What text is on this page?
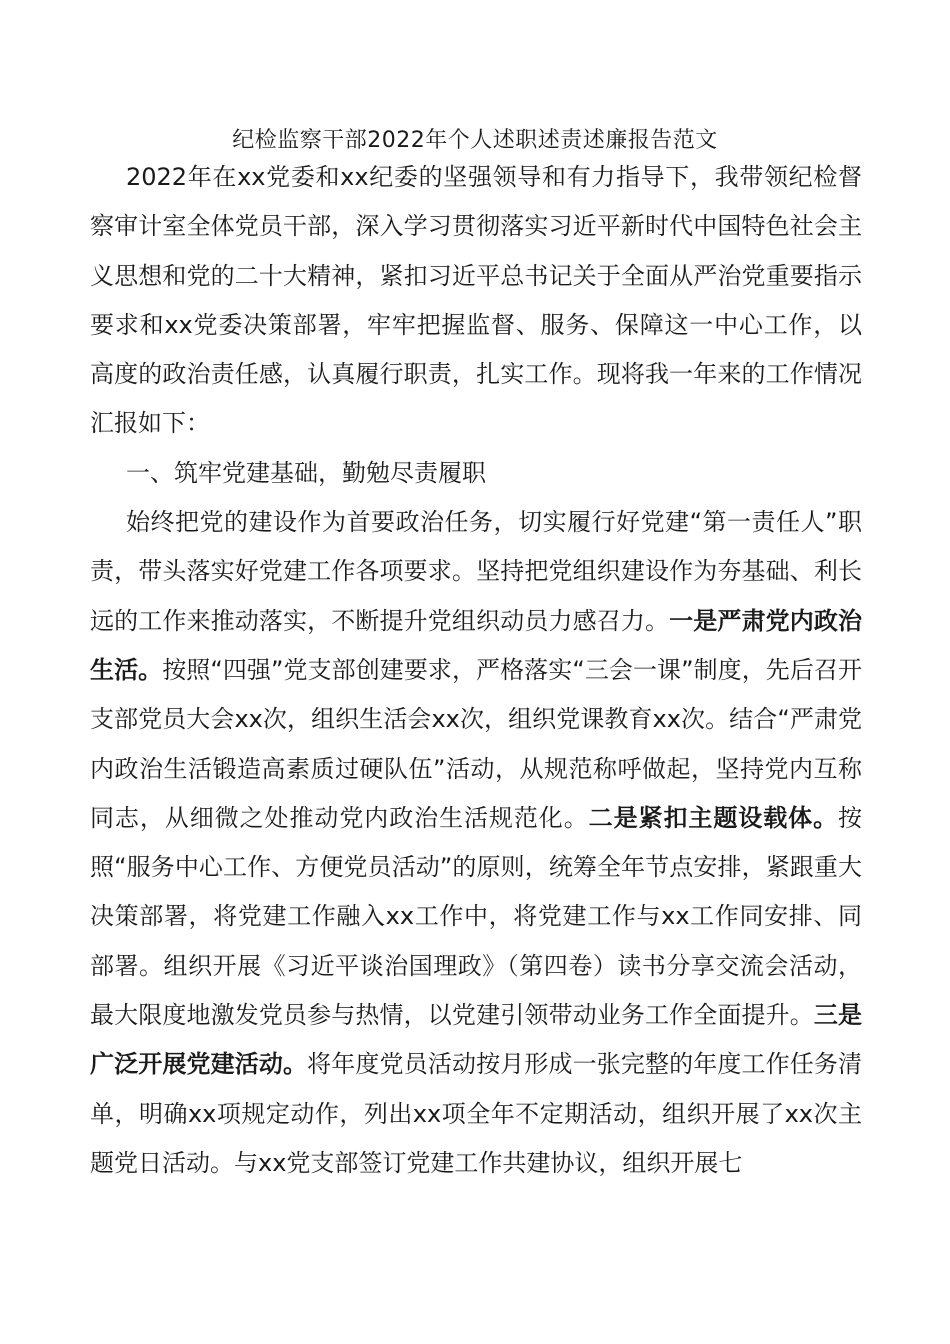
纪检监察干部2022年个人述职述责述廉报告范文

2022年在xx党委和xx纪委的坚强领导和有力指导下，我带领纪检督察审计室全体党员干部，深入学习贯彻落实习近平新时代中国特色社会主义思想和党的二十大精神，紧扣习近平总书记关于全面从严治党重要指示要求和xx党委决策部署，牢牢把握监督、服务、保障这一中心工作，以高度的政治责任感，认真履行职责，扎实工作。现将我一年来的工作情况汇报如下：

一、筑牢党建基础，勤勉尽责履职

始终把党的建设作为首要政治任务，切实履行好党建“第一责任人”职责，带头落实好党建工作各项要求。坚持把党组织建设作为夯基础、利长远的工作来推动落实，不断提升党组织动员力感召力。一是严肃党内政治生活。按照“四强”党支部创建要求，严格落实“三会一课”制度，先后召开支部党员大会xx次，组织生活会xx次，组织党课教育xx次。结合“严肃党内政治生活锻造高素质过硬队伍”活动，从规范称呼做起，坚持党内互称同志，从细微之处推动党内政治生活规范化。二是紧扣主题设载体。按照“服务中心工作、方便党员活动”的原则，统筹全年节点安排，紧跟重大决策部署，将党建工作融入xx工作中，将党建工作与xx工作同安排、同部署。组织开展《习近平谈治国理政》（第四卷）读书分享交流会活动，最大限度地激发党员参与热情，以党建引领带动业务工作全面提升。三是广泛开展党建活动。将年度党员活动按月形成一张完整的年度工作任务清单，明确xx项规定动作，列出xx项全年不定期活动，组织开展了xx次主题党日活动。与xx党支部签订党建工作共建协议，组织开展七
